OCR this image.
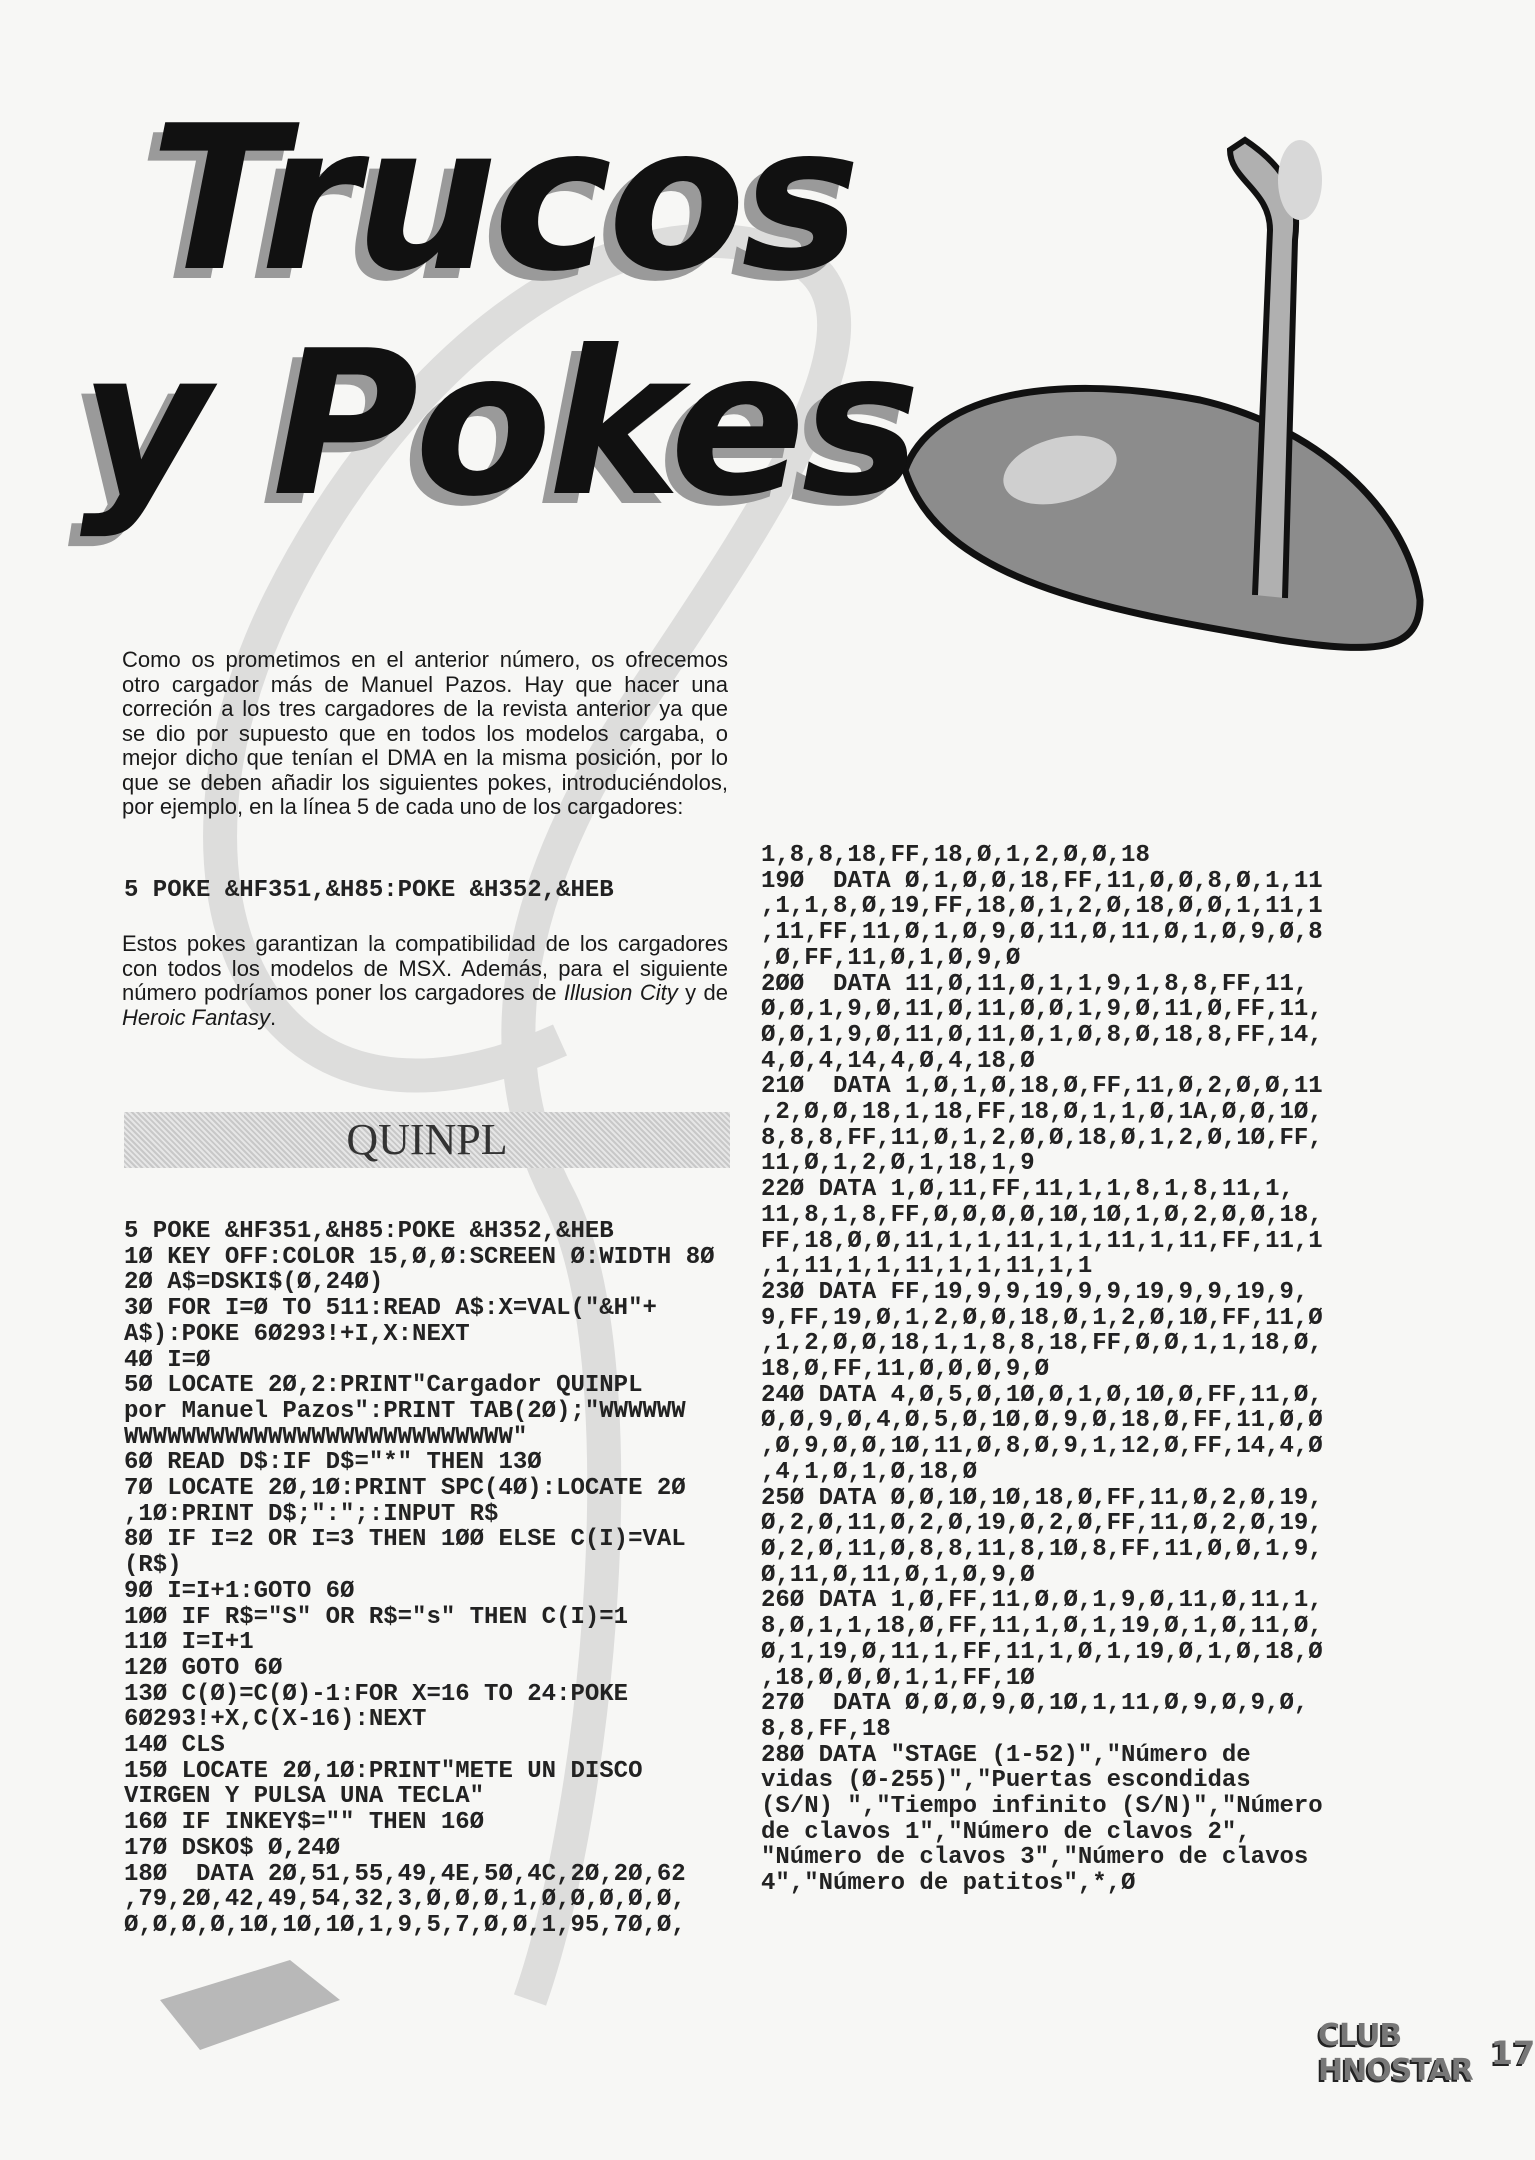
Trucos
y Pokes

Como os prometimos en el anterior número, os ofrecemos otro cargador más de Manuel Pazos. Hay que hacer una correción a los tres cargadores de la revista anterior ya que se dio por supuesto que en todos los modelos cargaba, o mejor dicho que tenían el DMA en la misma posición, por lo que se deben añadir los siguientes pokes, introduciéndolos, por ejemplo, en la línea 5 de cada uno de los cargadores:

5 POKE &HF351,&H85:POKE &H352,&HEB

Estos pokes garantizan la compatibilidad de los cargadores con todos los modelos de MSX. Además, para el siguiente número podríamos poner los cargadores de Illusion City y de Heroic Fantasy.

QUINPL
5 POKE &HF351,&H85:POKE &H352,&HEB
1Ø KEY OFF:COLOR 15,Ø,Ø:SCREEN Ø:WIDTH 8Ø
2Ø A$=DSKI$(Ø,24Ø)
3Ø FOR I=Ø TO 511:READ A$:X=VAL("&H"+
A$):POKE 6Ø293!+I,X:NEXT
4Ø I=Ø
5Ø LOCATE 2Ø,2:PRINT"Cargador QUINPL
por Manuel Pazos":PRINT TAB(2Ø);"WWWWWW
WWWWWWWWWWWWWWWWWWWWWWWWWWW"
6Ø READ D$:IF D$="*" THEN 13Ø
7Ø LOCATE 2Ø,1Ø:PRINT SPC(4Ø):LOCATE 2Ø
,1Ø:PRINT D$;":";:INPUT R$
8Ø IF I=2 OR I=3 THEN 1ØØ ELSE C(I)=VAL
(R$)
9Ø I=I+1:GOTO 6Ø
1ØØ IF R$="S" OR R$="s" THEN C(I)=1
11Ø I=I+1
12Ø GOTO 6Ø
13Ø C(Ø)=C(Ø)-1:FOR X=16 TO 24:POKE
6Ø293!+X,C(X-16):NEXT
14Ø CLS
15Ø LOCATE 2Ø,1Ø:PRINT"METE UN DISCO
VIRGEN Y PULSA UNA TECLA"
16Ø IF INKEY$="" THEN 16Ø
17Ø DSKO$ Ø,24Ø
18Ø  DATA 2Ø,51,55,49,4E,5Ø,4C,2Ø,2Ø,62
,79,2Ø,42,49,54,32,3,Ø,Ø,Ø,1,Ø,Ø,Ø,Ø,Ø,
Ø,Ø,Ø,Ø,1Ø,1Ø,1Ø,1,9,5,7,Ø,Ø,1,95,7Ø,Ø,
1,8,8,18,FF,18,Ø,1,2,Ø,Ø,18
19Ø  DATA Ø,1,Ø,Ø,18,FF,11,Ø,Ø,8,Ø,1,11
,1,1,8,Ø,19,FF,18,Ø,1,2,Ø,18,Ø,Ø,1,11,1
,11,FF,11,Ø,1,Ø,9,Ø,11,Ø,11,Ø,1,Ø,9,Ø,8
,Ø,FF,11,Ø,1,Ø,9,Ø
2ØØ  DATA 11,Ø,11,Ø,1,1,9,1,8,8,FF,11,
Ø,Ø,1,9,Ø,11,Ø,11,Ø,Ø,1,9,Ø,11,Ø,FF,11,
Ø,Ø,1,9,Ø,11,Ø,11,Ø,1,Ø,8,Ø,18,8,FF,14,
4,Ø,4,14,4,Ø,4,18,Ø
21Ø  DATA 1,Ø,1,Ø,18,Ø,FF,11,Ø,2,Ø,Ø,11
,2,Ø,Ø,18,1,18,FF,18,Ø,1,1,Ø,1A,Ø,Ø,1Ø,
8,8,8,FF,11,Ø,1,2,Ø,Ø,18,Ø,1,2,Ø,1Ø,FF,
11,Ø,1,2,Ø,1,18,1,9
22Ø DATA 1,Ø,11,FF,11,1,1,8,1,8,11,1,
11,8,1,8,FF,Ø,Ø,Ø,Ø,1Ø,1Ø,1,Ø,2,Ø,Ø,18,
FF,18,Ø,Ø,11,1,1,11,1,1,11,1,11,FF,11,1
,1,11,1,1,11,1,1,11,1,1
23Ø DATA FF,19,9,9,19,9,9,19,9,9,19,9,
9,FF,19,Ø,1,2,Ø,Ø,18,Ø,1,2,Ø,1Ø,FF,11,Ø
,1,2,Ø,Ø,18,1,1,8,8,18,FF,Ø,Ø,1,1,18,Ø,
18,Ø,FF,11,Ø,Ø,Ø,9,Ø
24Ø DATA 4,Ø,5,Ø,1Ø,Ø,1,Ø,1Ø,Ø,FF,11,Ø,
Ø,Ø,9,Ø,4,Ø,5,Ø,1Ø,Ø,9,Ø,18,Ø,FF,11,Ø,Ø
,Ø,9,Ø,Ø,1Ø,11,Ø,8,Ø,9,1,12,Ø,FF,14,4,Ø
,4,1,Ø,1,Ø,18,Ø
25Ø DATA Ø,Ø,1Ø,1Ø,18,Ø,FF,11,Ø,2,Ø,19,
Ø,2,Ø,11,Ø,2,Ø,19,Ø,2,Ø,FF,11,Ø,2,Ø,19,
Ø,2,Ø,11,Ø,8,8,11,8,1Ø,8,FF,11,Ø,Ø,1,9,
Ø,11,Ø,11,Ø,1,Ø,9,Ø
26Ø DATA 1,Ø,FF,11,Ø,Ø,1,9,Ø,11,Ø,11,1,
8,Ø,1,1,18,Ø,FF,11,1,Ø,1,19,Ø,1,Ø,11,Ø,
Ø,1,19,Ø,11,1,FF,11,1,Ø,1,19,Ø,1,Ø,18,Ø
,18,Ø,Ø,Ø,1,1,FF,1Ø
27Ø  DATA Ø,Ø,Ø,9,Ø,1Ø,1,11,Ø,9,Ø,9,Ø,
8,8,FF,18
28Ø DATA "STAGE (1-52)","Número de
vidas (Ø-255)","Puertas escondidas
(S/N) ","Tiempo infinito (S/N)","Número
de clavos 1","Número de clavos 2",
"Número de clavos 3","Número de clavos
4","Número de patitos",*,Ø
CLUB HNOSTAR 17
